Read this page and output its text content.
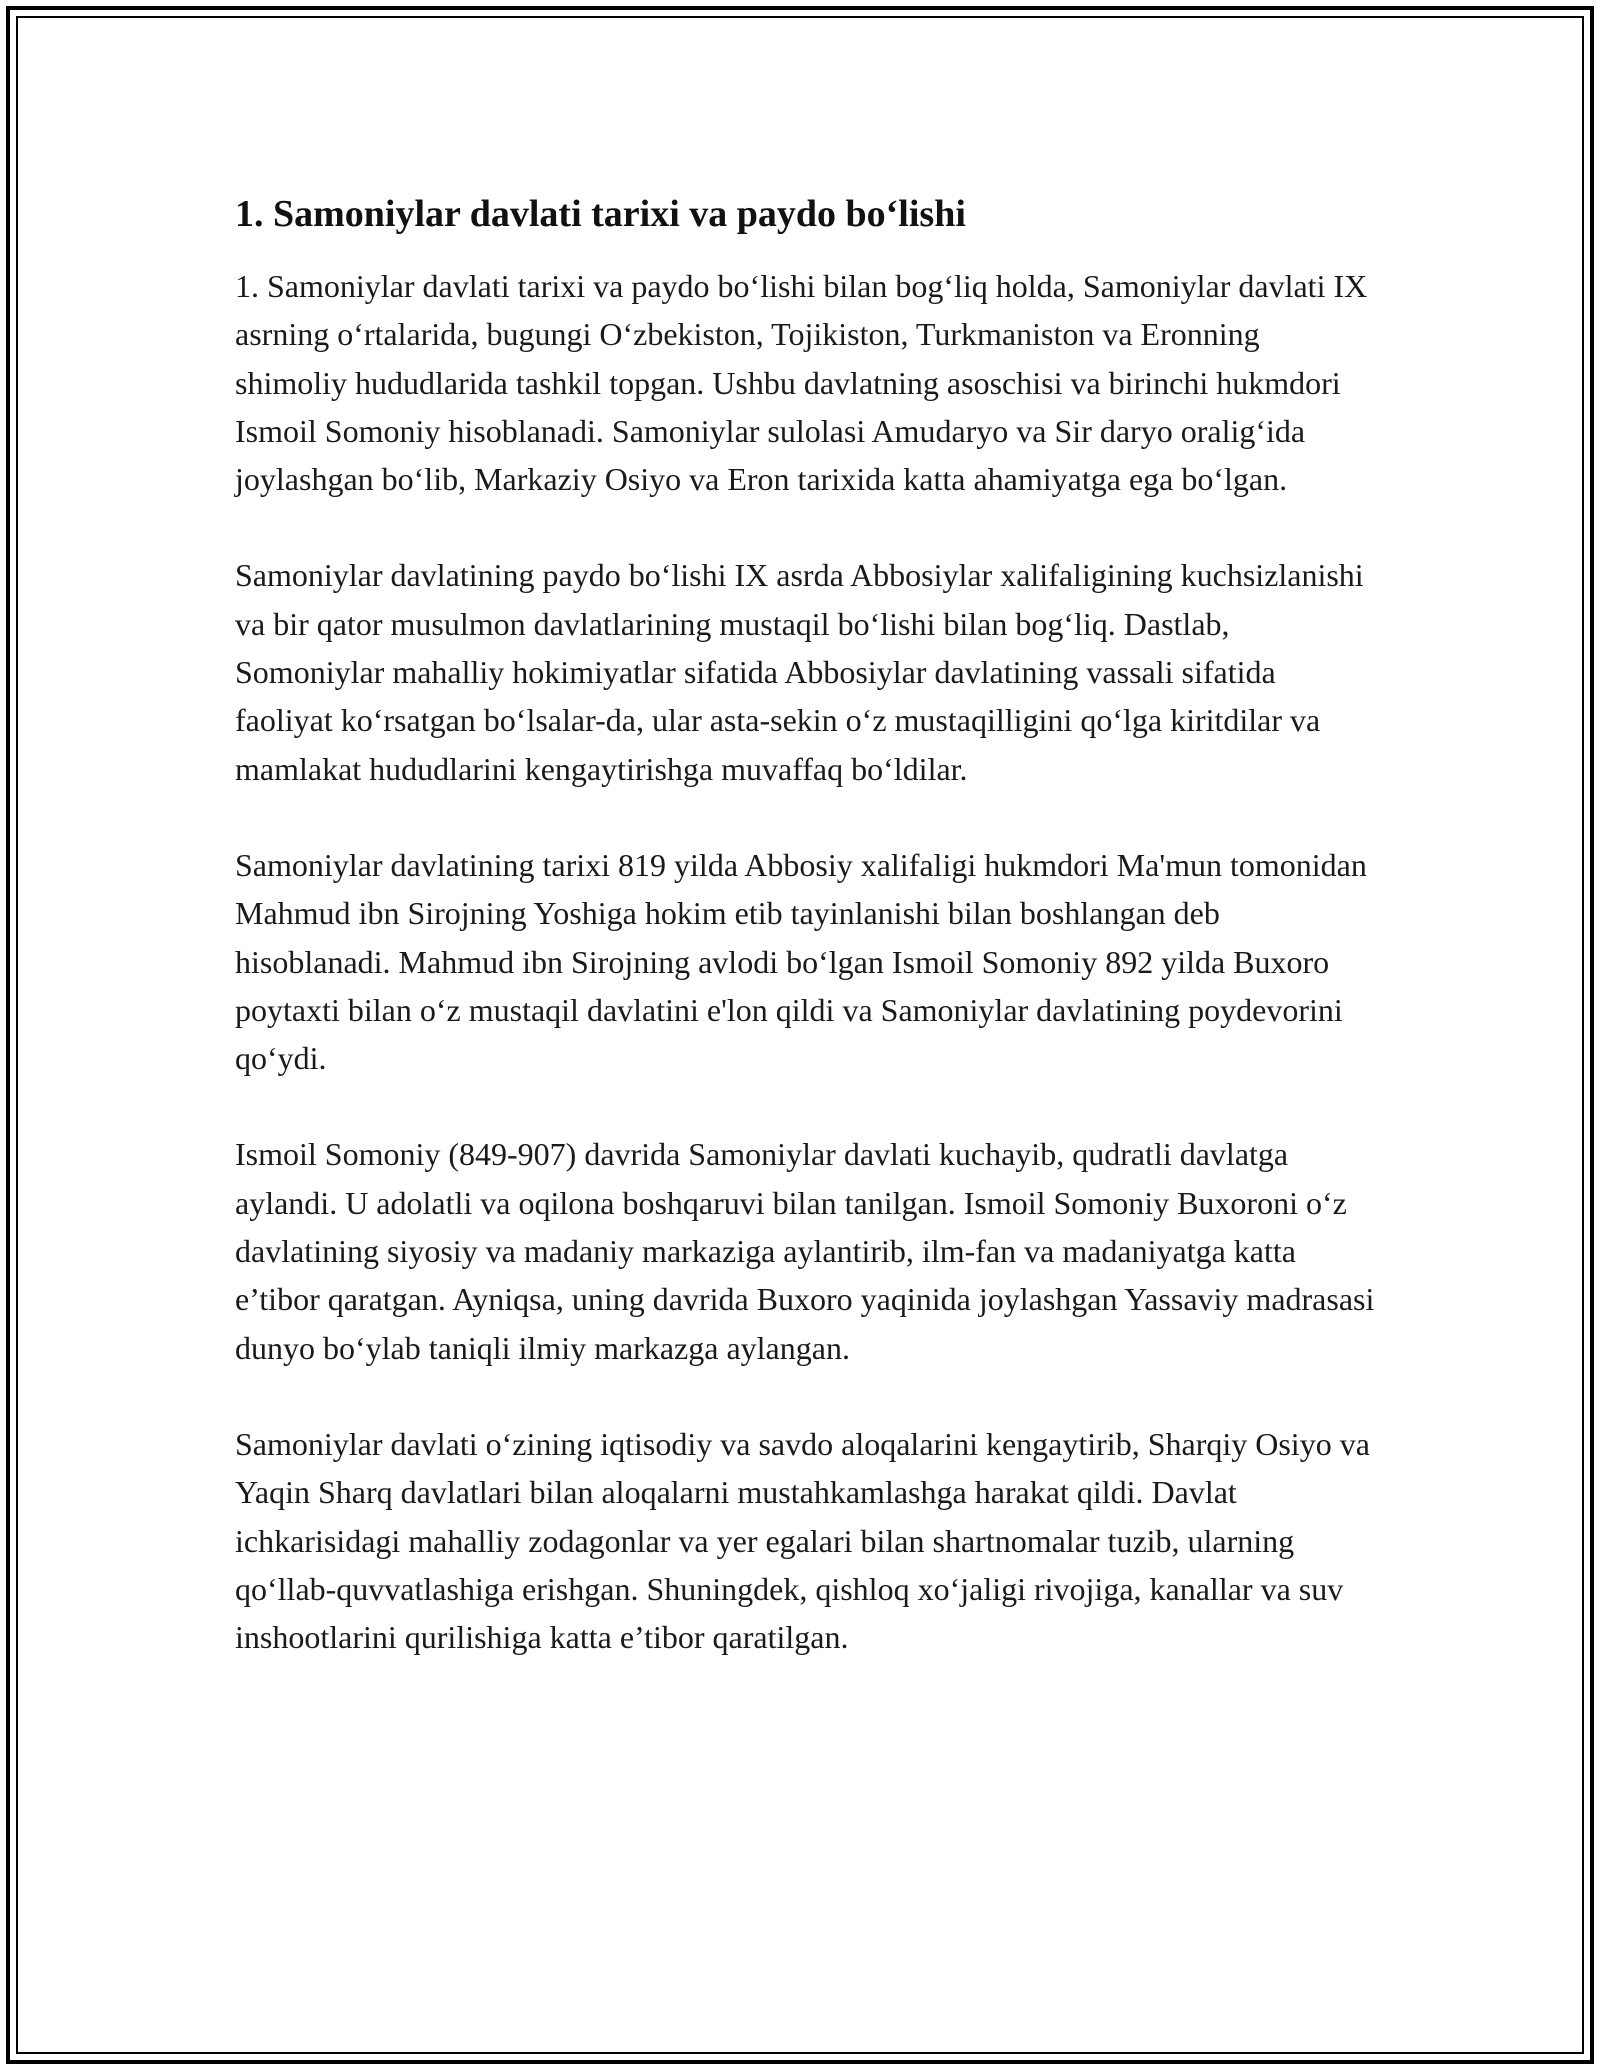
1. Samoniylar davlati tarixi va paydo bo‘lishi

1. Samoniylar davlati tarixi va paydo bo‘lishi bilan bog‘liq holda, Samoniylar davlati IX asrning o‘rtalarida, bugungi O‘zbekiston, Tojikiston, Turkmaniston va Eronning shimoliy hududlarida tashkil topgan. Ushbu davlatning asoschisi va birinchi hukmdori Ismoil Somoniy hisoblanadi. Samoniylar sulolasi Amudaryo va Sir daryo oralig‘ida joylashgan bo‘lib, Markaziy Osiyo va Eron tarixida katta ahamiyatga ega bo‘lgan.

Samoniylar davlatining paydo bo‘lishi IX asrda Abbosiylar xalifaligining kuchsizlanishi va bir qator musulmon davlatlarining mustaqil bo‘lishi bilan bog‘liq. Dastlab, Somoniylar mahalliy hokimiyatlar sifatida Abbosiylar davlatining vassali sifatida faoliyat ko‘rsatgan bo‘lsalar-da, ular asta-sekin o‘z mustaqilligini qo‘lga kiritdilar va mamlakat hududlarini kengaytirishga muvaffaq bo‘ldilar.

Samoniylar davlatining tarixi 819 yilda Abbosiy xalifaligi hukmdori Ma'mun tomonidan Mahmud ibn Sirojning Yoshiga hokim etib tayinlanishi bilan boshlangan deb hisoblanadi. Mahmud ibn Sirojning avlodi bo‘lgan Ismoil Somoniy 892 yilda Buxoro poytaxti bilan o‘z mustaqil davlatini e'lon qildi va Samoniylar davlatining poydevorini qo‘ydi.

Ismoil Somoniy (849-907) davrida Samoniylar davlati kuchayib, qudratli davlatga aylandi. U adolatli va oqilona boshqaruvi bilan tanilgan. Ismoil Somoniy Buxoroni o‘z davlatining siyosiy va madaniy markaziga aylantirib, ilm-fan va madaniyatga katta e’tibor qaratgan. Ayniqsa, uning davrida Buxoro yaqinida joylashgan Yassaviy madrasasi dunyo bo‘ylab taniqli ilmiy markazga aylangan.

Samoniylar davlati o‘zining iqtisodiy va savdo aloqalarini kengaytirib, Sharqiy Osiyo va Yaqin Sharq davlatlari bilan aloqalarni mustahkamlashga harakat qildi. Davlat ichkarisidagi mahalliy zodagonlar va yer egalari bilan shartnomalar tuzib, ularning qo‘llab-quvvatlashiga erishgan. Shuningdek, qishloq xo‘jaligi rivojiga, kanallar va suv inshootlarini qurilishiga katta e’tibor qaratilgan.
